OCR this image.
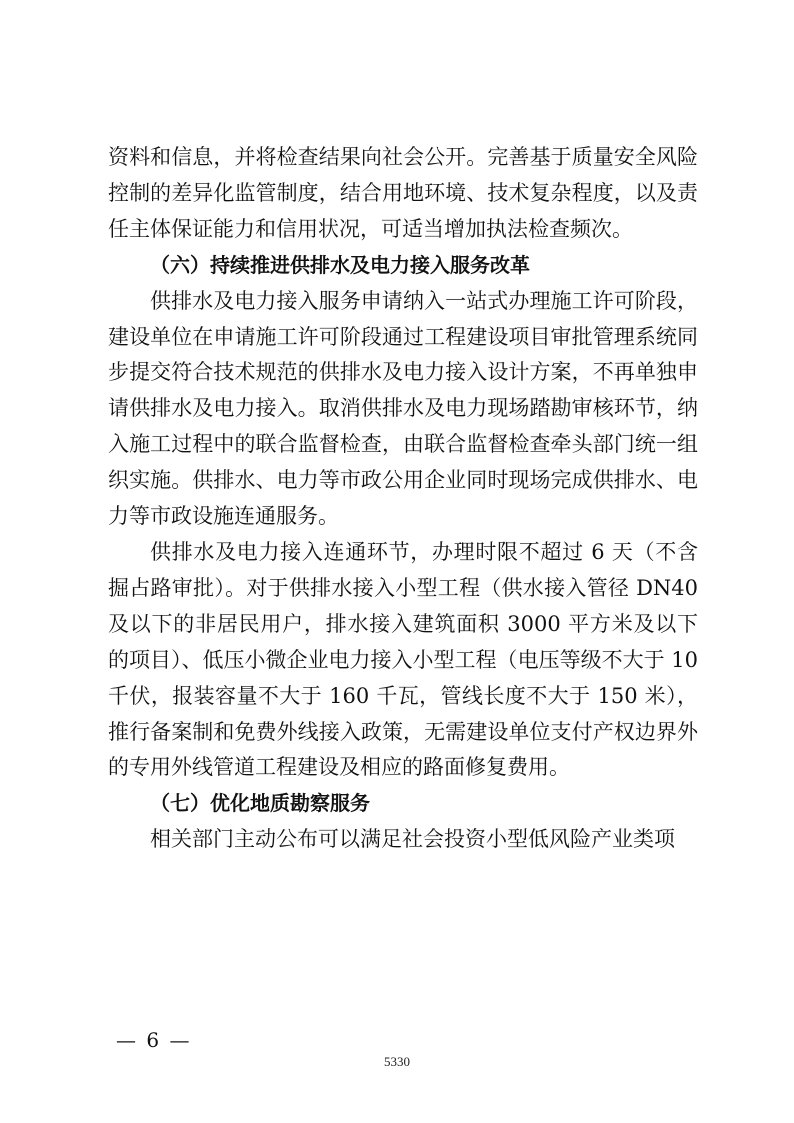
资料和信息，并将检查结果向社会公开。完善基于质量安全风险控制的差异化监管制度，结合用地环境、技术复杂程度，以及责任主体保证能力和信用状况，可适当增加执法检查频次。

（六）持续推进供排水及电力接入服务改革

供排水及电力接入服务申请纳入一站式办理施工许可阶段，建设单位在申请施工许可阶段通过工程建设项目审批管理系统同步提交符合技术规范的供排水及电力接入设计方案，不再单独申请供排水及电力接入。取消供排水及电力现场踏勘审核环节，纳入施工过程中的联合监督检查，由联合监督检查牵头部门统一组织实施。供排水、电力等市政公用企业同时现场完成供排水、电力等市政设施连通服务。

供排水及电力接入连通环节，办理时限不超过 6 天（不含掘占路审批）。对于供排水接入小型工程（供水接入管径 DN40 及以下的非居民用户，排水接入建筑面积 3000 平方米及以下的项目）、低压小微企业电力接入小型工程（电压等级不大于 10 千伏，报装容量不大于 160 千瓦，管线长度不大于 150 米），推行备案制和免费外线接入政策，无需建设单位支付产权边界外的专用外线管道工程建设及相应的路面修复费用。

（七）优化地质勘察服务

相关部门主动公布可以满足社会投资小型低风险产业类项

— 6 —
5330
